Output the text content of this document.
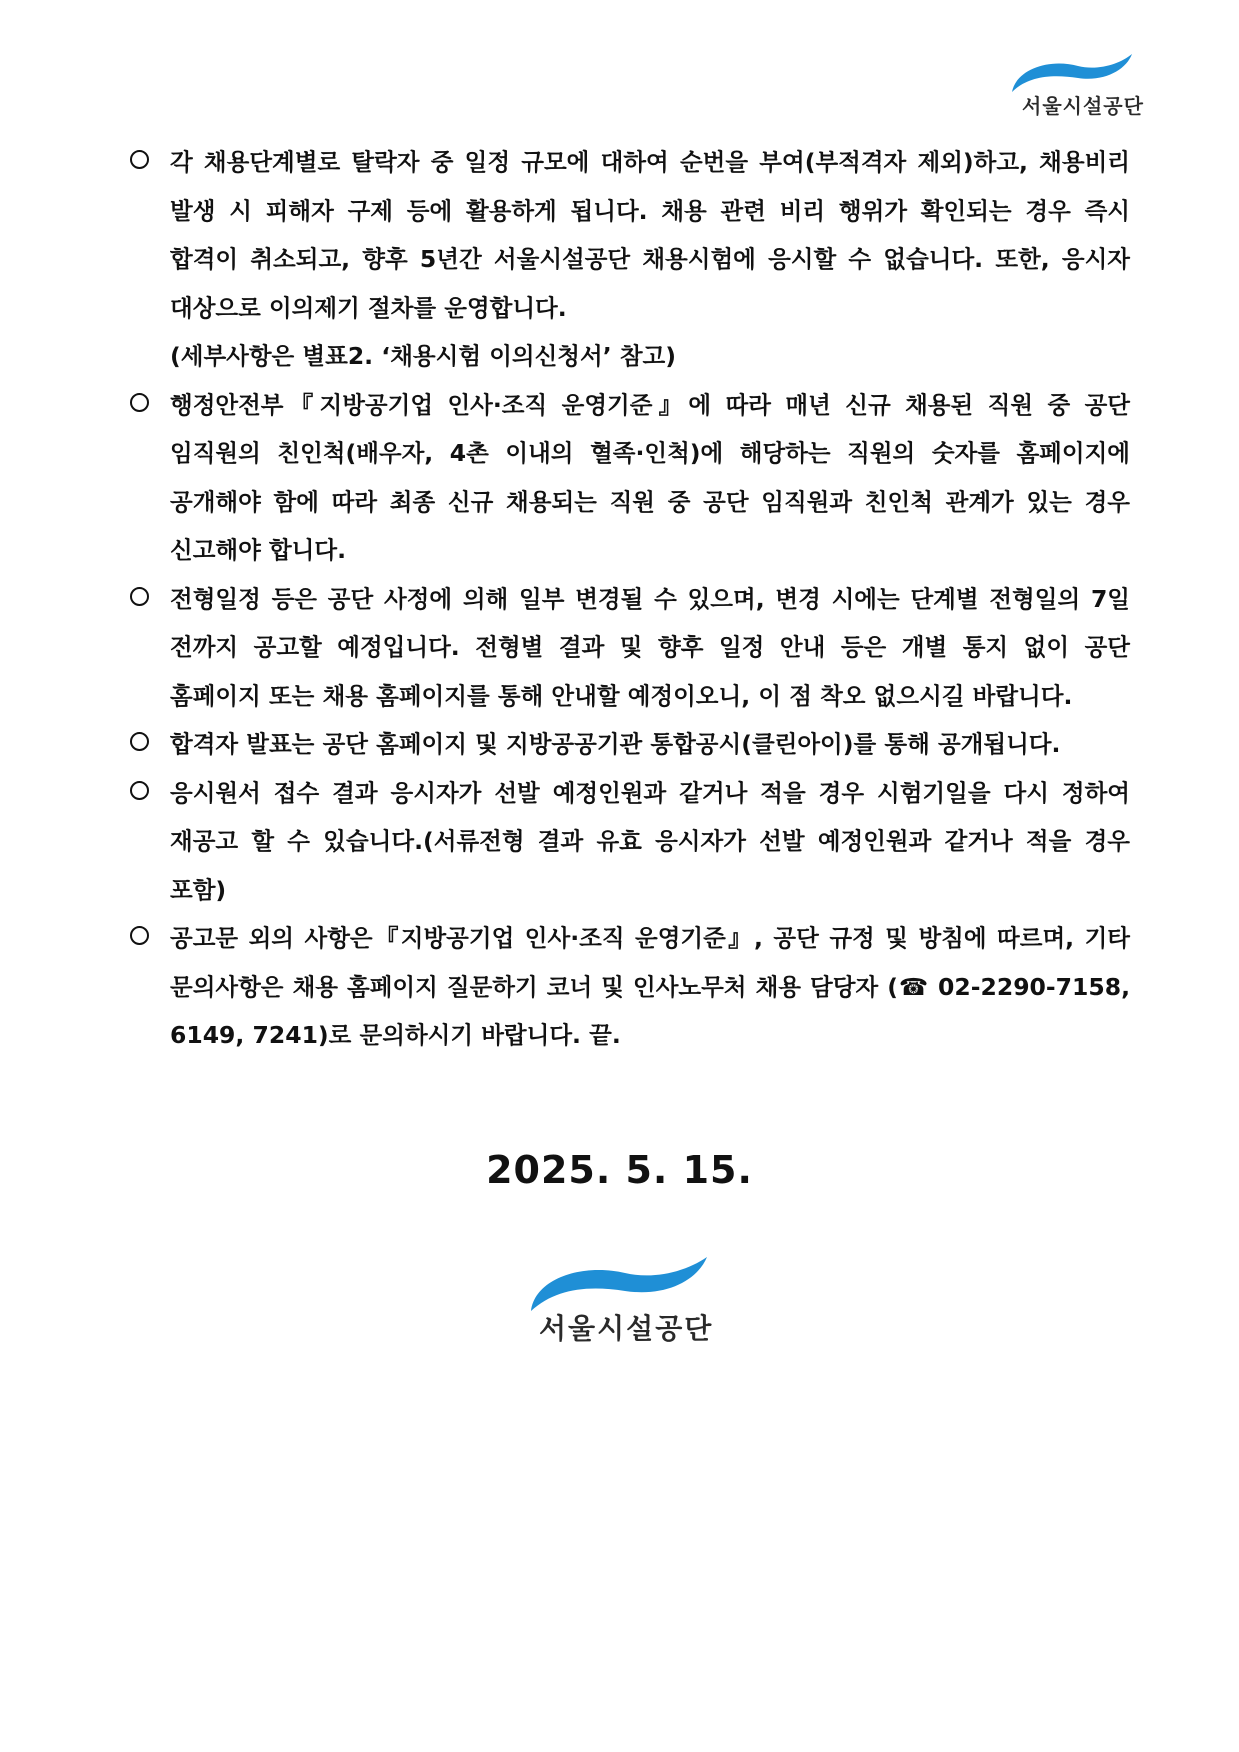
서울시설공단
각 채용단계별로 탈락자 중 일정 규모에 대하여 순번을 부여(부적격자 제외)하고, 채용비리 발생 시 피해자 구제 등에 활용하게 됩니다. 채용 관련 비리 행위가 확인되는 경우 즉시 합격이 취소되고, 향후 5년간 서울시설공단 채용시험에 응시할 수 없습니다. 또한, 응시자 대상으로 이의제기 절차를 운영합니다.
(세부사항은 별표2. ‘채용시험 이의신청서’ 참고)
행정안전부『지방공기업 인사·조직 운영기준』에 따라 매년 신규 채용된 직원 중 공단 임직원의 친인척(배우자, 4촌 이내의 혈족·인척)에 해당하는 직원의 숫자를 홈페이지에 공개해야 함에 따라 최종 신규 채용되는 직원 중 공단 임직원과 친인척 관계가 있는 경우 신고해야 합니다.
전형일정 등은 공단 사정에 의해 일부 변경될 수 있으며, 변경 시에는 단계별 전형일의 7일 전까지 공고할 예정입니다. 전형별 결과 및 향후 일정 안내 등은 개별 통지 없이 공단 홈페이지 또는 채용 홈페이지를 통해 안내할 예정이오니, 이 점 착오 없으시길 바랍니다.
합격자 발표는 공단 홈페이지 및 지방공공기관 통합공시(클린아이)를 통해 공개됩니다.
응시원서 접수 결과 응시자가 선발 예정인원과 같거나 적을 경우 시험기일을 다시 정하여 재공고 할 수 있습니다.(서류전형 결과 유효 응시자가 선발 예정인원과 같거나 적을 경우 포함)
공고문 외의 사항은『지방공기업 인사·조직 운영기준』, 공단 규정 및 방침에 따르며, 기타 문의사항은 채용 홈페이지 질문하기 코너 및 인사노무처 채용 담당자 (☎ 02-2290-7158, 6149, 7241)로 문의하시기 바랍니다. 끝.
2025. 5. 15.
서울시설공단
